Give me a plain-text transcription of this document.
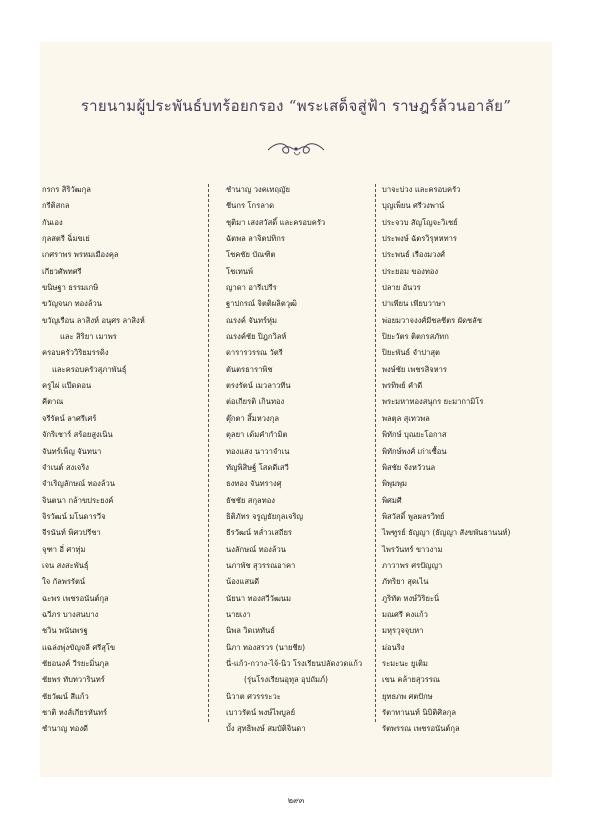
รายนามผู้ประพันธ์บทร้อยกรอง “พระเสด็จสู่ฟ้า ราษฎร์ล้วนอาลัย”
กรกร สิริวัฒกุล
กรีติสกล
กันเอง
กุลสตรี ฉิ่มขเย่
เกศราพร พรหมเมืองคุล
เกียวศัพทศรี
ขนิษฐา ธรรมเกษิ
ขวัญจนก ทองล้วน
ขวัญเรือน ลาสิงห์ อนุศร ลาสิงห์
และ สิริยา เมาพร
ครอบครัววิริยมรรดิง
และครอบครัวสุภาพันธุ์
ครูไผ่ แป๊ดดอน
คีตาณ
จรีรัตน์ ลาศรีเศร้
จักริเชาร์ สร้อยสูงเนิน
จันทร์เพ็ญ จันทนา
จำเนต์ สงเจริง
จำเริญลักษณ์ ทองล้วน
จินตนา กล้าขประยงค์
จิรวัฒน์ มโนดารวีจ
จีรนันท์ พิศวปรีชา
จุฑา อี่ ศาทุ่ม
เจน สงสะพันธุ์
ใจ กัลพรรัตน์
ฉะพร เพชรอนันต์กุล
ฉวีภร บางสนบาง
ชวิน พนันพรฐ
แฉล่งพุ่งขัญจลี ศรีสุโข
ชัยอนงค์ วีรยะมิ่นกุล
ชัยพร ทับทวารินทร์
ชัยวัฒน์ สีแก้ว
ชาติ หงส์เกียรหันทร์
ชำนาญ ทองดี
ชำนาญ วงคเทฤญัย
ชีนกร โกรลาด
ชุติมา เสงสวัสดิ์ และครอบครัว
ฉัตพล ลาจิตปทิกร
โชคชัย บัณฑิต
โชเทนพ์
ญาดา อารีเปรีร
ฐาปกรณ์ จิตติผลิตวุฒิ
ณรงค์ จันทร์หุ่ม
ณรงค์ชัย ปิฎกวิลห์
ดารารวรรณ วัตรี
ตันตรธาราพิช
ตรงรัตน์ เมวลาวทีน
ต่อเกียรติ เกินทอง
ตุ๊กตา สิ้มหวงกุล
ตุลยา เด้มคำกำมิต
ทองแสง นาวาจำเน
ทัญพิสิษฐ์ โสดดีเสวี
ธงทอง จันทรางศุ
ธัชชัย สกุลทอง
ธิติภัทร จรูญธัยกุลเจริญ
ธีรวัฒน์ หล่ำวเสถียร
นงลักษณ์ ทองล้วน
นภาพัช สุวรรณอาคา
น้องแสนดี
นัยนา ทองสวีวัฒนม
นายเงา
นิพล วิดเหทันธ์
นิภา ทองสรวร (นายชีย)
นี่-แก้ว-กวาง-ไจ้-นิว โรงเรียนปลัดงวดแก้ว
(รุ่นโรงเรียนอุทุล อุปถัมภ์)
นิวาต ศวรรระวะ
เบาวรัตน์ พงษ์ไพบูลย์
บั้ง สุทธิพงษ์ สมบัติจินดา
บาจะบ่วง และครอบครัว
บุญเพ็ยน ศรีวงพาน์
ประจวบ สัญโญจะวิเชย์
ประพงษ์ ฉัตรวิรุหหทาร
ประพนธ์ เรืองมวงศ์
ประยอม ของทอง
ปลาย อันวร
ปาเพียน เพียบวาษา
พ่อยมวาจงงศ์มีชลชีตร ผัดชลัช
ปิยะวัตร ติตกรสภัทก
ปิยะพันธ์ จำปาสุต
พงษ์ชัย เพชรสิจหาร
พรทิพย์ คำดี
พระมหาทองสนุกร ยะมากามิโร
พลตุล สุเทวพล
พิทักษ์ บุณยะโอกาส
พิทักษ์พงศ์ เก่าเซื้อน
พิสชัย จังหวัวนล
พิพุมพุม
พิศมศี
พิสวัสดิ์ พูลผลรวิทย์
ไพฑูรย์ ธัญญา (ธัญญา สังขพันธานนท์)
ไพรวันทร์ ขาวงาม
ภาวาพร ศรปัญญา
ภัทริยา สุดเไน
ภูริทัต หงษ์วิริยะนิ่
มณศรี คงแก้ว
มหุรวุจจุบหา
ม่อนริง
ระมะนะ ยูเติม
เขน คล้ายสุวรรณ
ยุทธภพ ศตปักษ
รัตาทานนท์ นิบิติศิลกุล
รัตพรรณ เพชรอนันต์กุล
๒๙๓
